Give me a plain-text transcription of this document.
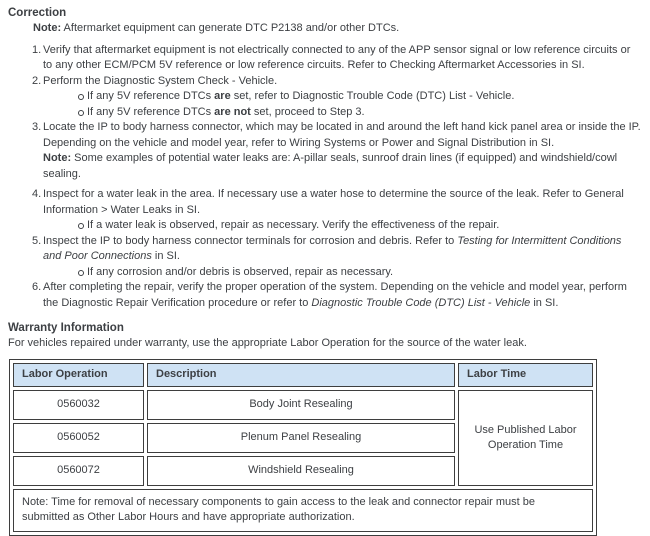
Correction
Note: Aftermarket equipment can generate DTC P2138 and/or other DTCs.
1. Verify that aftermarket equipment is not electrically connected to any of the APP sensor signal or low reference circuits or to any other ECM/PCM 5V reference or low reference circuits. Refer to Checking Aftermarket Accessories in SI.
2. Perform the Diagnostic System Check - Vehicle.
If any 5V reference DTCs are set, refer to Diagnostic Trouble Code (DTC) List - Vehicle.
If any 5V reference DTCs are not set, proceed to Step 3.
3. Locate the IP to body harness connector, which may be located in and around the left hand kick panel area or inside the IP. Depending on the vehicle and model year, refer to Wiring Systems or Power and Signal Distribution in SI.
Note: Some examples of potential water leaks are: A-pillar seals, sunroof drain lines (if equipped) and windshield/cowl sealing.
4. Inspect for a water leak in the area. If necessary use a water hose to determine the source of the leak. Refer to General Information > Water Leaks in SI.
If a water leak is observed, repair as necessary. Verify the effectiveness of the repair.
5. Inspect the IP to body harness connector terminals for corrosion and debris. Refer to Testing for Intermittent Conditions and Poor Connections in SI.
If any corrosion and/or debris is observed, repair as necessary.
6. After completing the repair, verify the proper operation of the system. Depending on the vehicle and model year, perform the Diagnostic Repair Verification procedure or refer to Diagnostic Trouble Code (DTC) List - Vehicle in SI.
Warranty Information
For vehicles repaired under warranty, use the appropriate Labor Operation for the source of the water leak.
Labor Operation	Description	Labor Time
0560032	Body Joint Resealing	Use Published Labor Operation Time
0560052	Plenum Panel Resealing	
0560072	Windshield Resealing	
Note: Time for removal of necessary components to gain access to the leak and connector repair must be submitted as Other Labor Hours and have appropriate authorization.		
